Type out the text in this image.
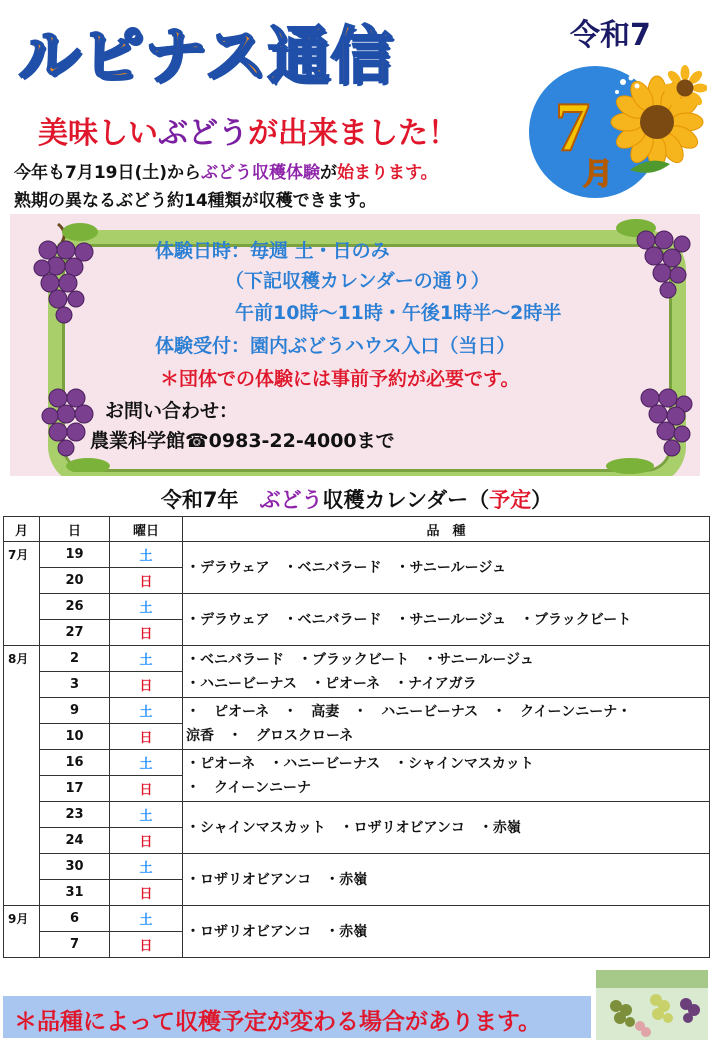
ルピナス通信	令和7
7
月
美味しいぶどうが出来ました！
今年も7月19日(土)からぶどう収穫体験が始まります。
熟期の異なるぶどう約14種類が収穫できます。
体験日時：毎週 土・日のみ
（下記収穫カレンダーの通り）
午前10時～11時・午後1時半～2時半
体験受付：園内ぶどうハウス入口（当日）
＊団体での体験には事前予約が必要です。
お問い合わせ：
農業科学館☎0983-22-4000まで
令和7年　 ぶどう収穫カレンダー（予定）
月	日	曜日	品　種
7月	19	土	・デラウェア　・ベニバラード　・サニールージュ

	20	日	
	26	土	・デラウェア　・ベニバラード　・サニールージュ　・ブラックビート

	27	日	
8月	2	土	・ベニバラード　・ブラックビート　・サニールージュ
・ハニービーナス　・ピオーネ　・ナイアガラ

	3	日	
	9	土	・　ピオーネ　・　高妻　・　ハニービーナス　・　クイーンニーナ・
涼香　・　グロスクローネ

	10	日	
	16	土	・ピオーネ　・ハニービーナス　・シャインマスカット
・　クイーンニーナ

	17	日	
	23	土	・シャインマスカット　・ロザリオビアンコ　・赤嶺

	24	日	
	30	土	・ロザリオビアンコ　・赤嶺

	31	日	
9月	6	土	・ロザリオビアンコ　・赤嶺

	7	日	
＊品種によって収穫予定が変わる場合があります。
